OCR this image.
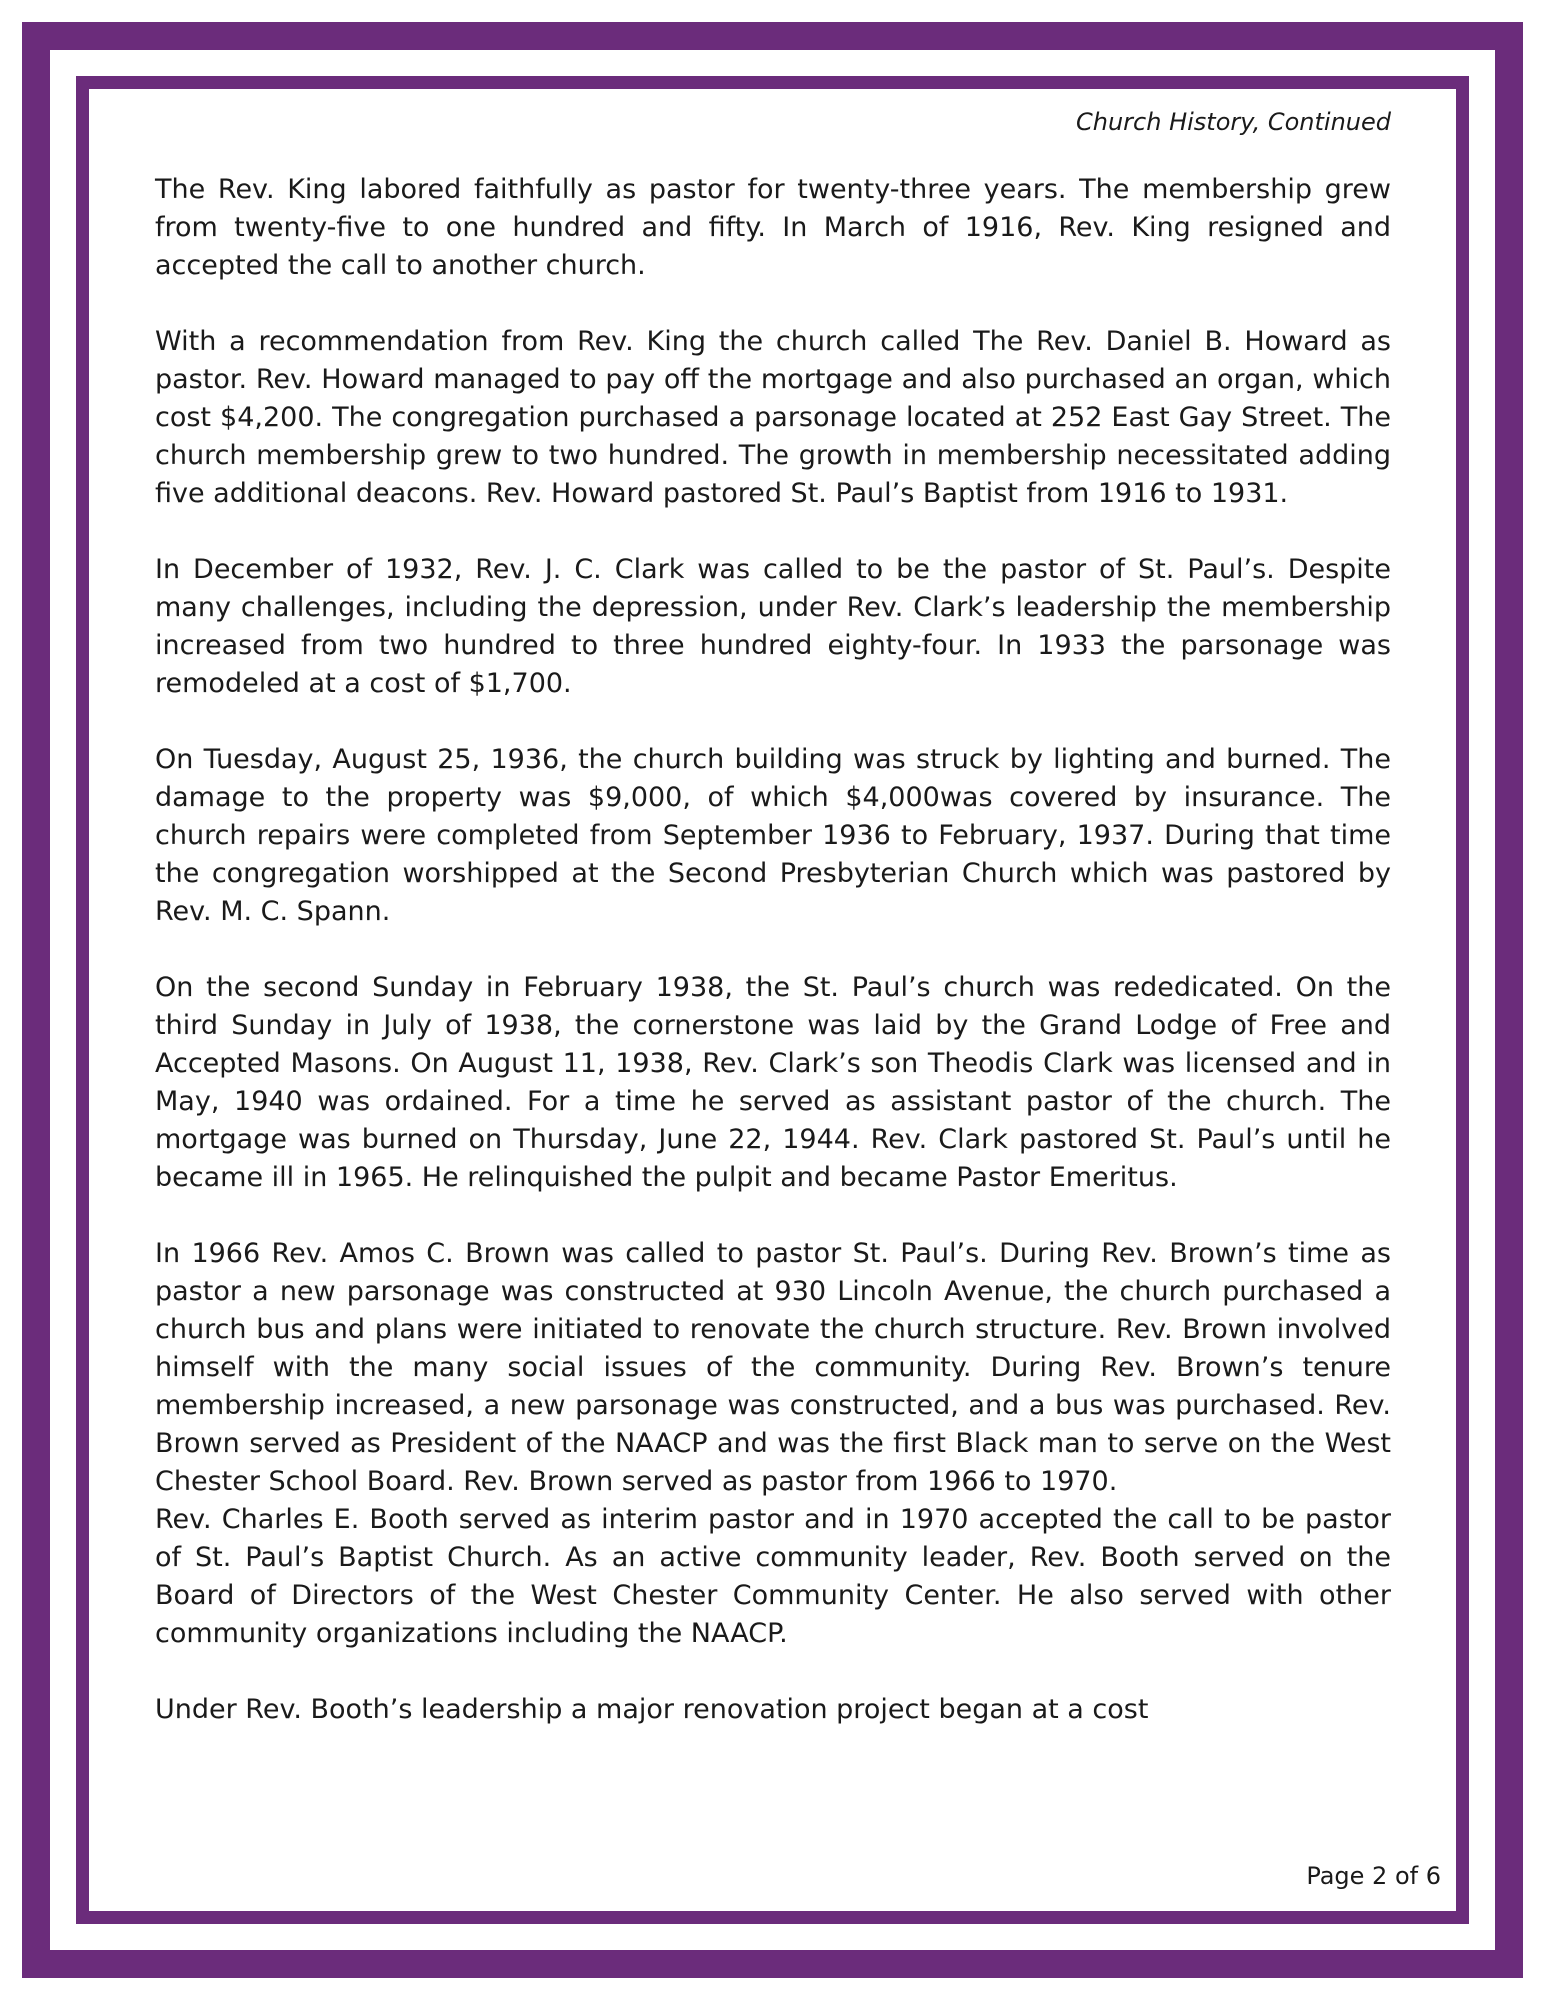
Church History, Continued

The Rev. King labored faithfully as pastor for twenty-three years. The membership grew from twenty-five to one hundred and fifty. In March of 1916, Rev. King resigned and accepted the call to another church.

With a recommendation from Rev. King the church called The Rev. Daniel B. Howard as pastor. Rev. Howard managed to pay off the mortgage and also purchased an organ, which cost $4,200. The congregation purchased a parsonage located at 252 East Gay Street. The church membership grew to two hundred. The growth in membership necessitated adding five additional deacons. Rev. Howard pastored St. Paul’s Baptist from 1916 to 1931.

In December of 1932, Rev. J. C. Clark was called to be the pastor of St. Paul’s. Despite many challenges, including the depression, under Rev. Clark’s leadership the membership increased from two hundred to three hundred eighty-four. In 1933 the parsonage was remodeled at a cost of $1,700.

On Tuesday, August 25, 1936, the church building was struck by lighting and burned. The damage to the property was $9,000, of which $4,000was covered by insurance. The church repairs were completed from September 1936 to February, 1937. During that time the congregation worshipped at the Second Presbyterian Church which was pastored by Rev. M. C. Spann.

On the second Sunday in February 1938, the St. Paul’s church was rededicated. On the third Sunday in July of 1938, the cornerstone was laid by the Grand Lodge of Free and Accepted Masons. On August 11, 1938, Rev. Clark’s son Theodis Clark was licensed and in May, 1940 was ordained. For a time he served as assistant pastor of the church. The mortgage was burned on Thursday, June 22, 1944. Rev. Clark pastored St. Paul’s until he became ill in 1965. He relinquished the pulpit and became Pastor Emeritus.

In 1966 Rev. Amos C. Brown was called to pastor St. Paul’s. During Rev. Brown’s time as pastor a new parsonage was constructed at 930 Lincoln Avenue, the church purchased a church bus and plans were initiated to renovate the church structure. Rev. Brown involved himself with the many social issues of the community. During Rev. Brown’s tenure membership increased, a new parsonage was constructed, and a bus was purchased. Rev. Brown served as President of the NAACP and was the first Black man to serve on the West Chester School Board. Rev. Brown served as pastor from 1966 to 1970.

Rev. Charles E. Booth served as interim pastor and in 1970 accepted the call to be pastor of St. Paul’s Baptist Church. As an active community leader, Rev. Booth served on the Board of Directors of the West Chester Community Center. He also served with other community organizations including the NAACP.

Under Rev. Booth’s leadership a major renovation project began at a cost

Page 2 of 6
